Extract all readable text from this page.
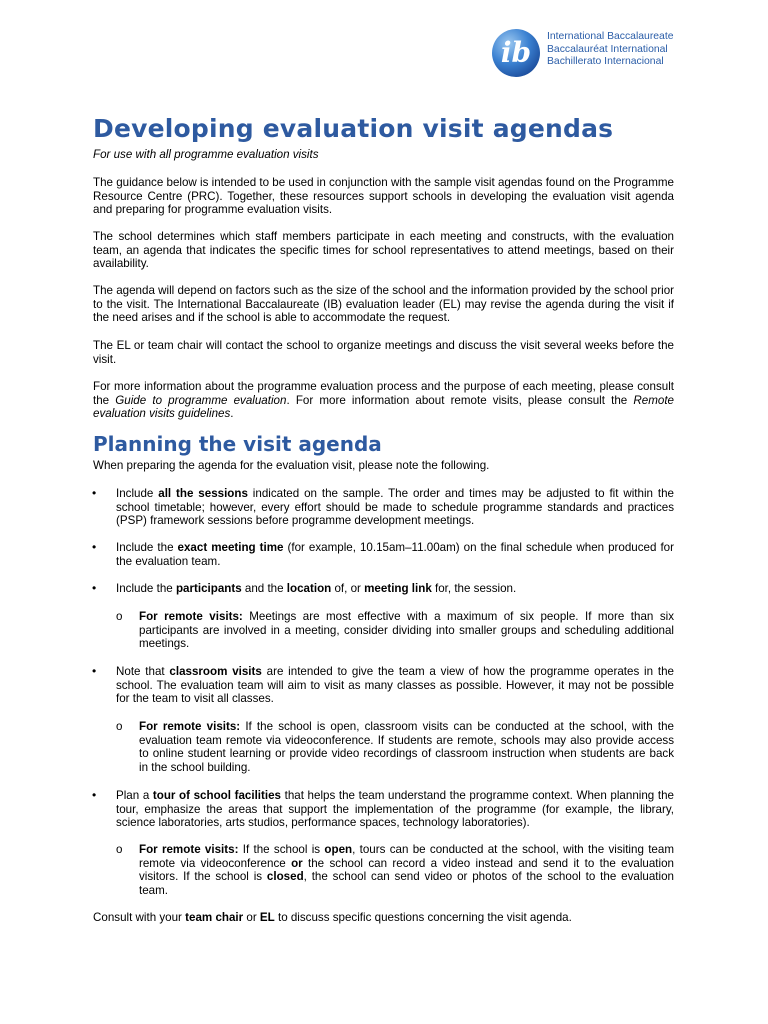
ib International Baccalaureate
Baccalauréat International
Bachillerato Internacional
Developing evaluation visit agendas

For use with all programme evaluation visits

The guidance below is intended to be used in conjunction with the sample visit agendas found on the Programme Resource Centre (PRC). Together, these resources support schools in developing the evaluation visit agenda and preparing for programme evaluation visits.

The school determines which staff members participate in each meeting and constructs, with the evaluation team, an agenda that indicates the specific times for school representatives to attend meetings, based on their availability.

The agenda will depend on factors such as the size of the school and the information provided by the school prior to the visit. The International Baccalaureate (IB) evaluation leader (EL) may revise the agenda during the visit if the need arises and if the school is able to accommodate the request.

The EL or team chair will contact the school to organize meetings and discuss the visit several weeks before the visit.

For more information about the programme evaluation process and the purpose of each meeting, please consult the Guide to programme evaluation. For more information about remote visits, please consult the Remote evaluation visits guidelines.

Planning the visit agenda

When preparing the agenda for the evaluation visit, please note the following.

• Include all the sessions indicated on the sample. The order and times may be adjusted to fit within the school timetable; however, every effort should be made to schedule programme standards and practices (PSP) framework sessions before programme development meetings.

• Include the exact meeting time (for example, 10.15am–11.00am) on the final schedule when produced for the evaluation team.

• Include the participants and the location of, or meeting link for, the session.

o For remote visits: Meetings are most effective with a maximum of six people. If more than six participants are involved in a meeting, consider dividing into smaller groups and scheduling additional meetings.

• Note that classroom visits are intended to give the team a view of how the programme operates in the school. The evaluation team will aim to visit as many classes as possible. However, it may not be possible for the team to visit all classes.

o For remote visits: If the school is open, classroom visits can be conducted at the school, with the evaluation team remote via videoconference. If students are remote, schools may also provide access to online student learning or provide video recordings of classroom instruction when students are back in the school building.

• Plan a tour of school facilities that helps the team understand the programme context. When planning the tour, emphasize the areas that support the implementation of the programme (for example, the library, science laboratories, arts studios, performance spaces, technology laboratories).

o For remote visits: If the school is open, tours can be conducted at the school, with the visiting team remote via videoconference or the school can record a video instead and send it to the evaluation visitors. If the school is closed, the school can send video or photos of the school to the evaluation team.

Consult with your team chair or EL to discuss specific questions concerning the visit agenda.
